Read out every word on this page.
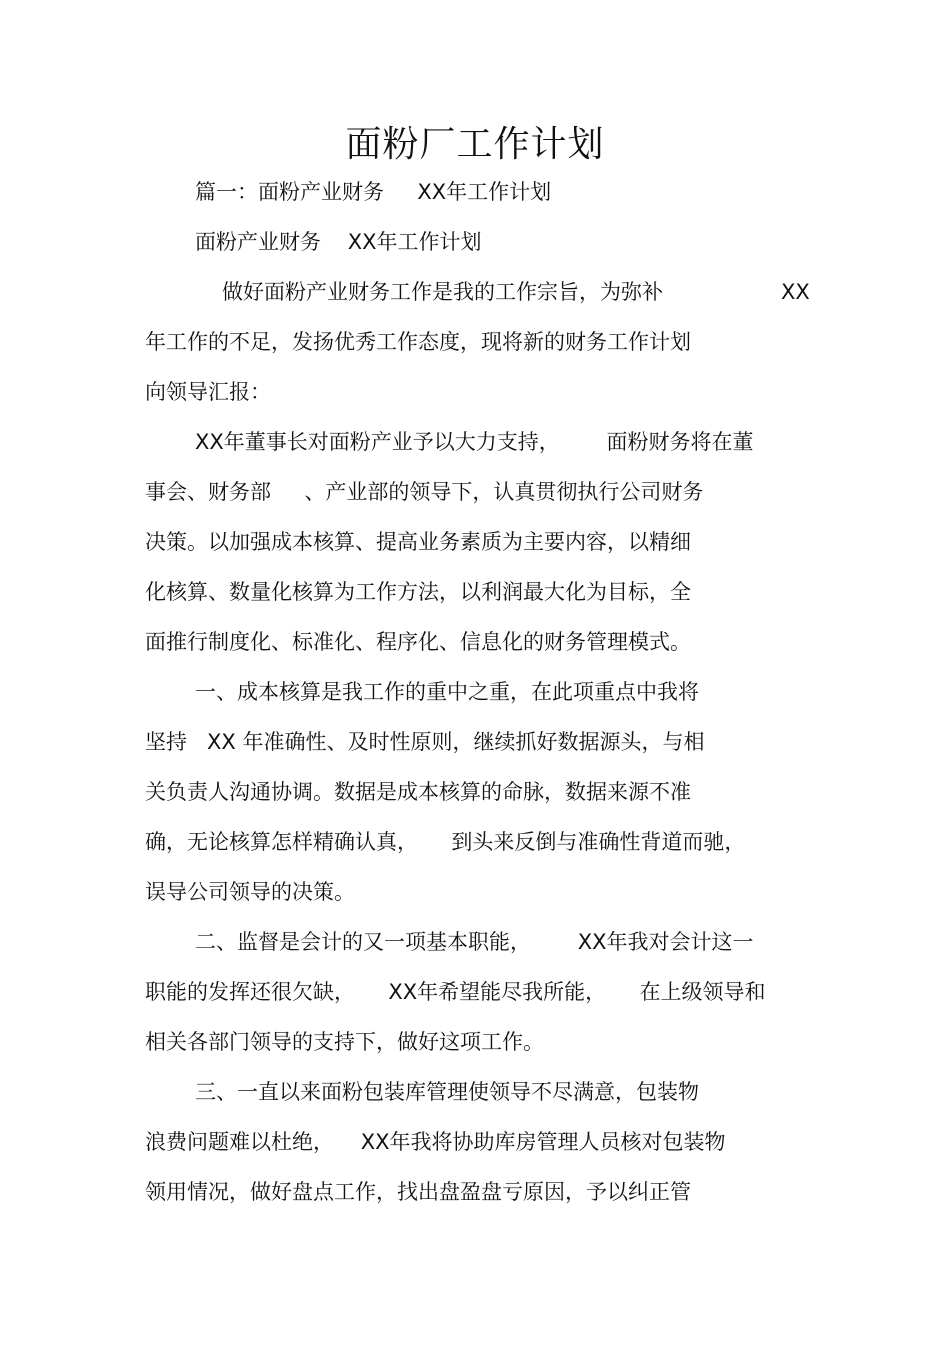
面粉厂工作计划
篇一：面粉产业财务     XX年工作计划
面粉产业财务    XX年工作计划
做好面粉产业财务工作是我的工作宗旨，为弥补	XX
年工作的不足，发扬优秀工作态度，现将新的财务工作计划
向领导汇报：
XX年董事长对面粉产业予以大力支持，       面粉财务将在董
事会、财务部     、产业部的领导下，认真贯彻执行公司财务
决策。以加强成本核算、提高业务素质为主要内容，以精细
化核算、数量化核算为工作方法，以利润最大化为目标，全
面推行制度化、标准化、程序化、信息化的财务管理模式。
一、成本核算是我工作的重中之重，在此项重点中我将
坚持   XX 年准确性、及时性原则，继续抓好数据源头，与相
关负责人沟通协调。数据是成本核算的命脉，数据来源不准
确，无论核算怎样精确认真，     到头来反倒与准确性背道而驰，
误导公司领导的决策。
二、监督是会计的又一项基本职能，       XX年我对会计这一
职能的发挥还很欠缺，     XX年希望能尽我所能，     在上级领导和
相关各部门领导的支持下，做好这项工作。
三、一直以来面粉包装库管理使领导不尽满意，包装物
浪费问题难以杜绝，    XX年我将协助库房管理人员核对包装物
领用情况，做好盘点工作，找出盘盈盘亏原因，予以纠正管
